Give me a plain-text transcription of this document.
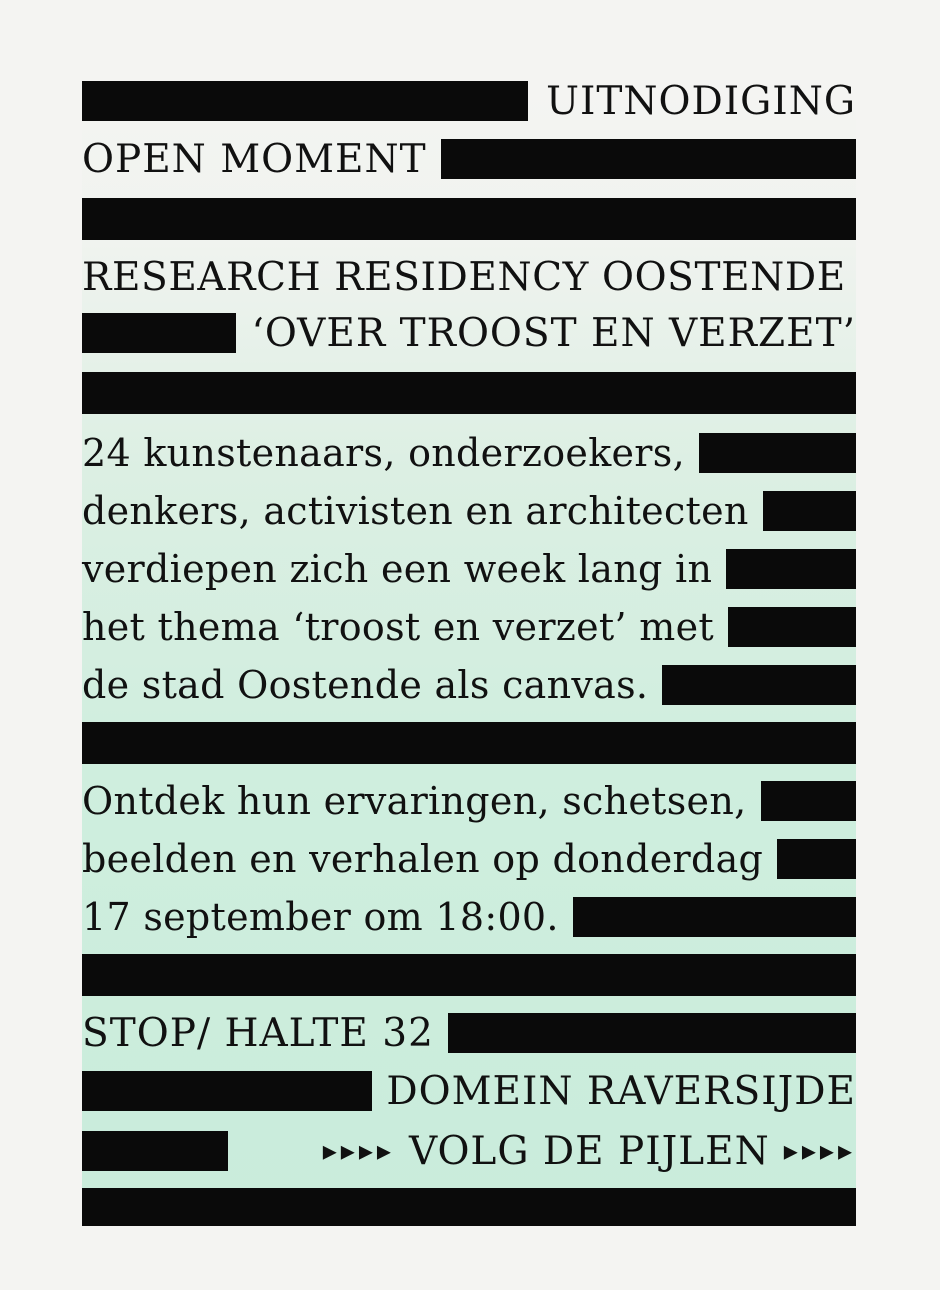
UITNODIGING
OPEN MOMENT
RESEARCH RESIDENCY OOSTENDE
‘OVER TROOST EN VERZET’
24 kunstenaars, onderzoekers,
denkers, activisten en architecten
verdiepen zich een week lang in
het thema ‘troost en verzet’ met
de stad Oostende als canvas.
Ontdek hun ervaringen, schetsen,
beelden en verhalen op donderdag
17 september om 18:00.
STOP/ HALTE 32
DOMEIN RAVERSIJDE
▸▸▸▸ VOLG DE PIJLEN ▸▸▸▸
